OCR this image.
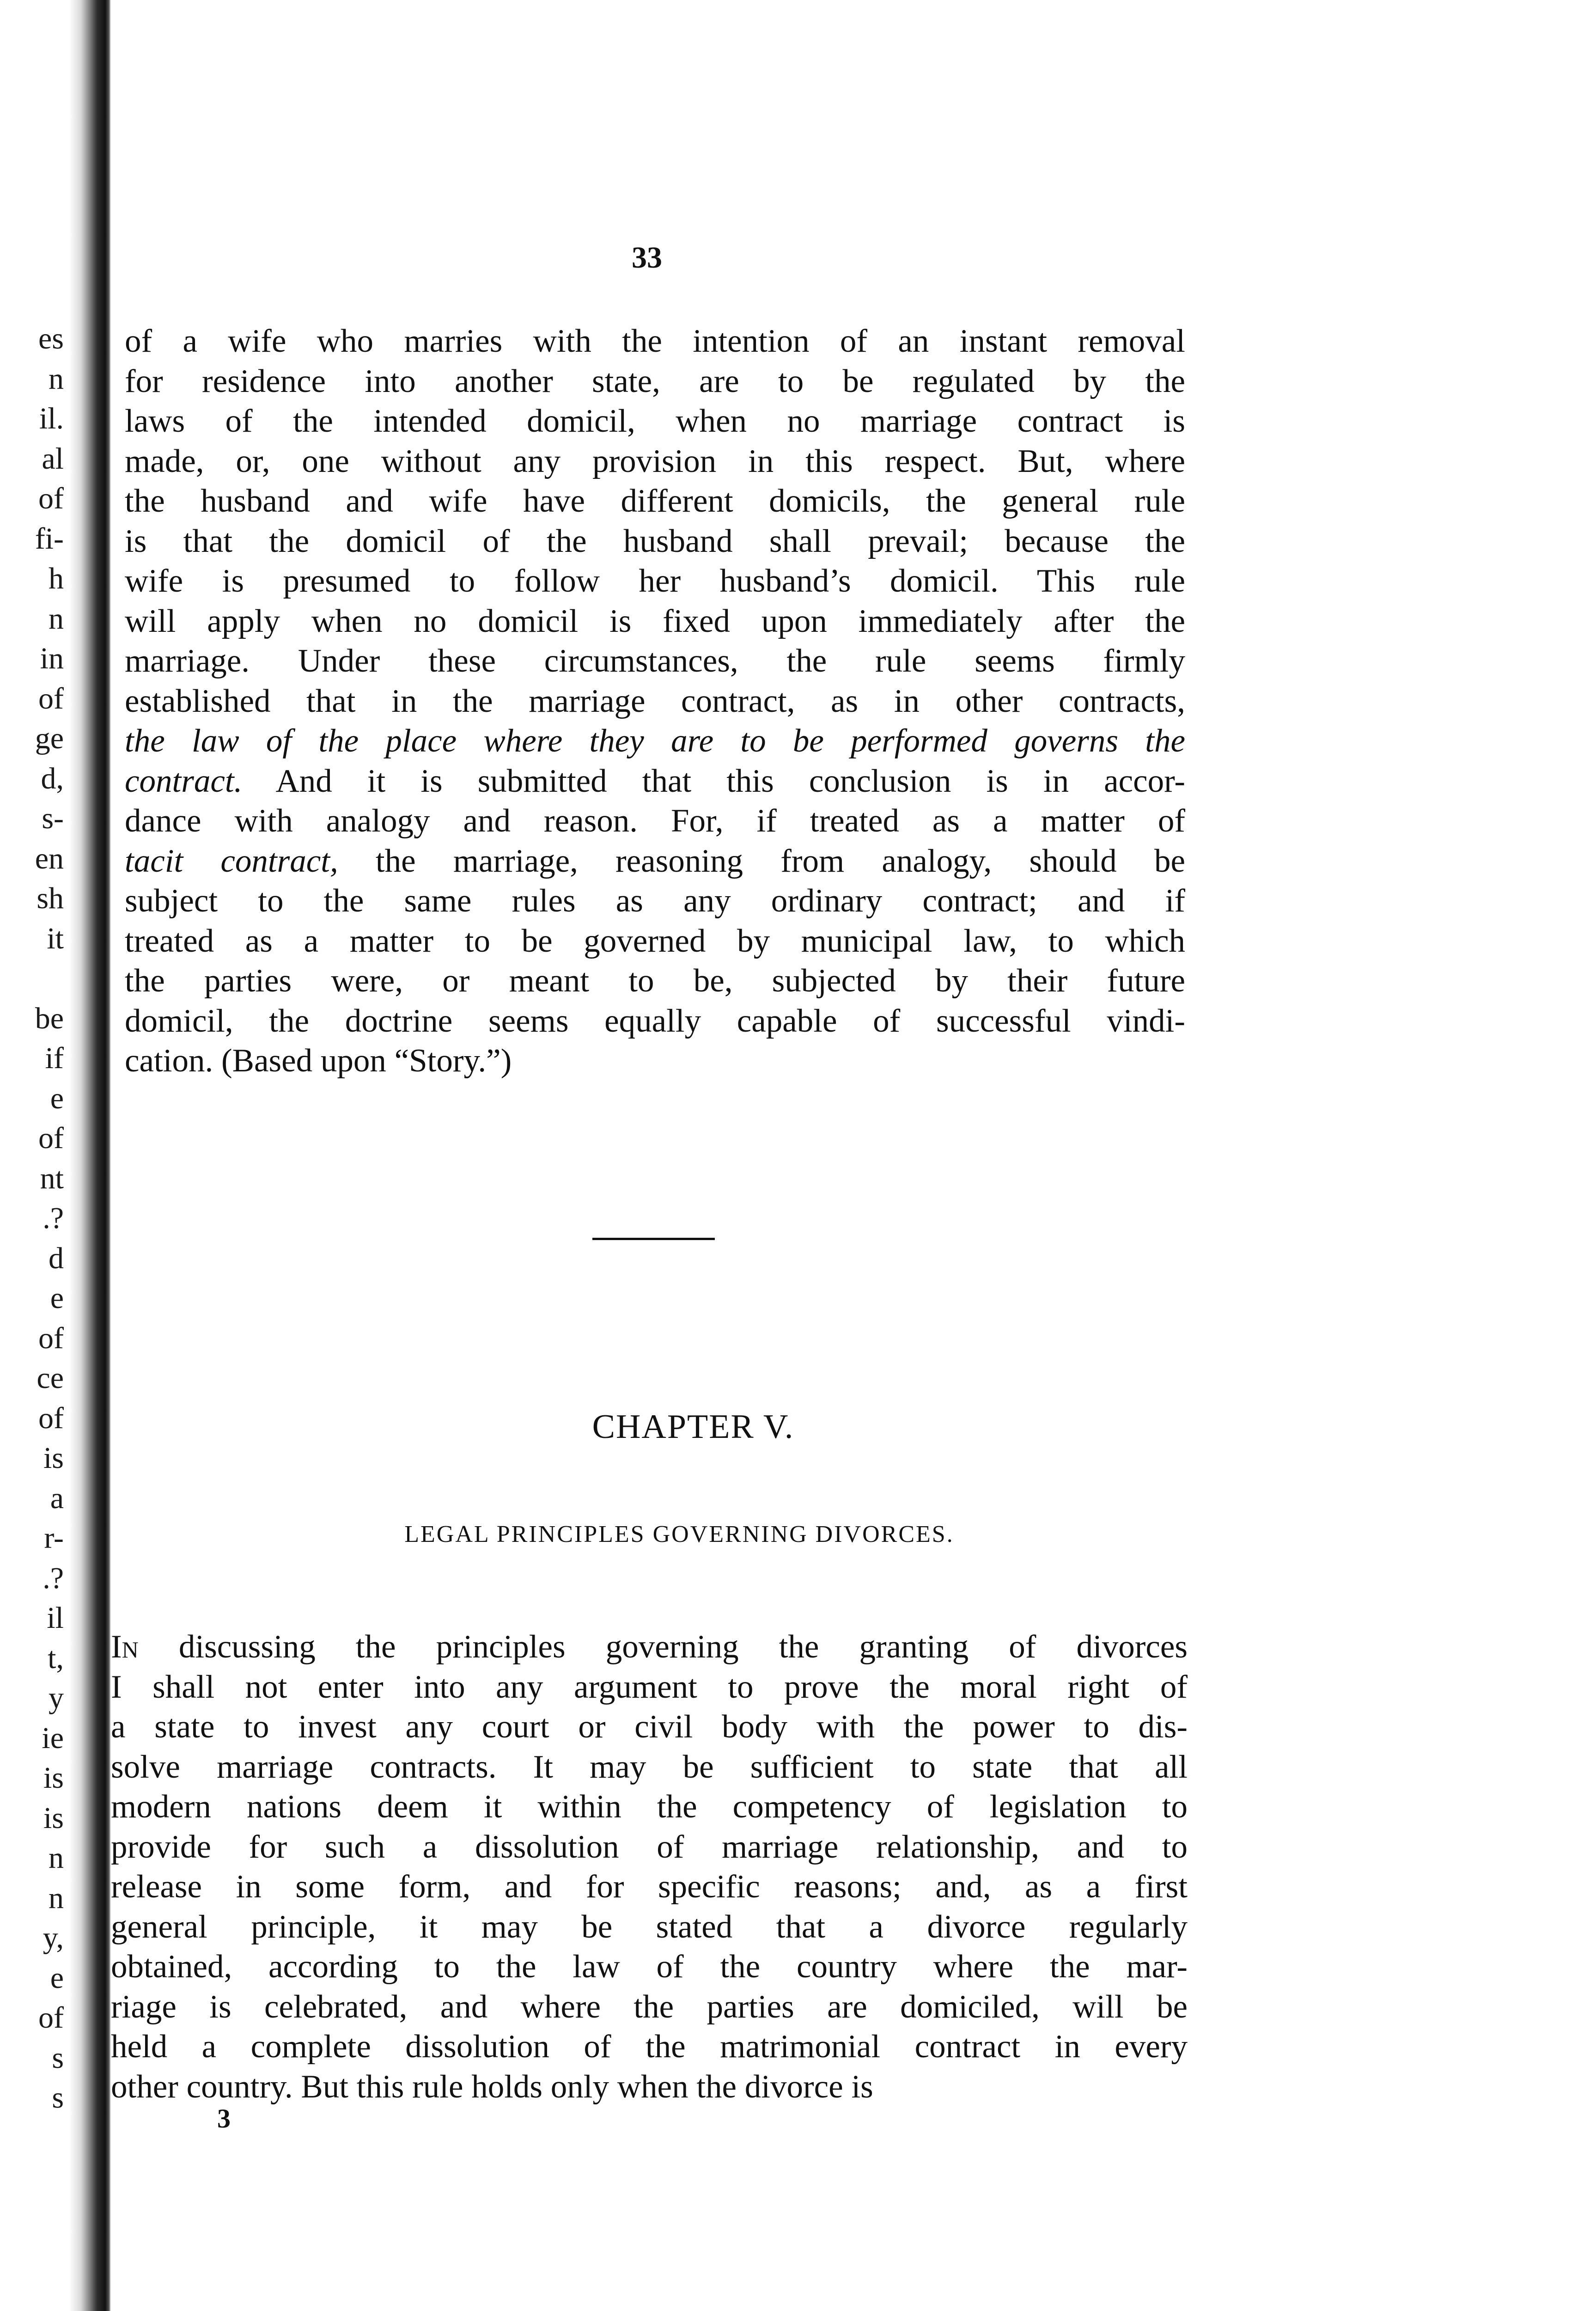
es
n
il.
al
of
fi-
h
n
in
of
ge
d,
s-
en
sh
it

be
if
e
of
nt
.?
d
e
of
ce
of
is
a
r-
.?
il
t,
y
ie
is
is
n
n
y,
e
of
s
s
33
of a wife who marries with the intention of an instant removal
for residence into another state, are to be regulated by the
laws of the intended domicil, when no marriage contract is
made, or, one without any provision in this respect. But, where
the husband and wife have different domicils, the general rule
is that the domicil of the husband shall prevail; because the
wife is presumed to follow her husband’s domicil. This rule
will apply when no domicil is fixed upon immediately after the
marriage. Under these circumstances, the rule seems firmly
established that in the marriage contract, as in other contracts,
the law of the place where they are to be performed governs the
contract. And it is submitted that this conclusion is in accor-
dance with analogy and reason. For, if treated as a matter of
tacit contract, the marriage, reasoning from analogy, should be
subject to the same rules as any ordinary contract; and if
treated as a matter to be governed by municipal law, to which
the parties were, or meant to be, subjected by their future
domicil, the doctrine seems equally capable of successful vindi-
cation. (Based upon “Story.”)
CHAPTER V.
LEGAL PRINCIPLES GOVERNING DIVORCES.
In discussing the principles governing the granting of divorces
I shall not enter into any argument to prove the moral right of
a state to invest any court or civil body with the power to dis-
solve marriage contracts. It may be sufficient to state that all
modern nations deem it within the competency of legislation to
provide for such a dissolution of marriage relationship, and to
release in some form, and for specific reasons; and, as a first
general principle, it may be stated that a divorce regularly
obtained, according to the law of the country where the mar-
riage is celebrated, and where the parties are domiciled, will be
held a complete dissolution of the matrimonial contract in every
other country. But this rule holds only when the divorce is
3
